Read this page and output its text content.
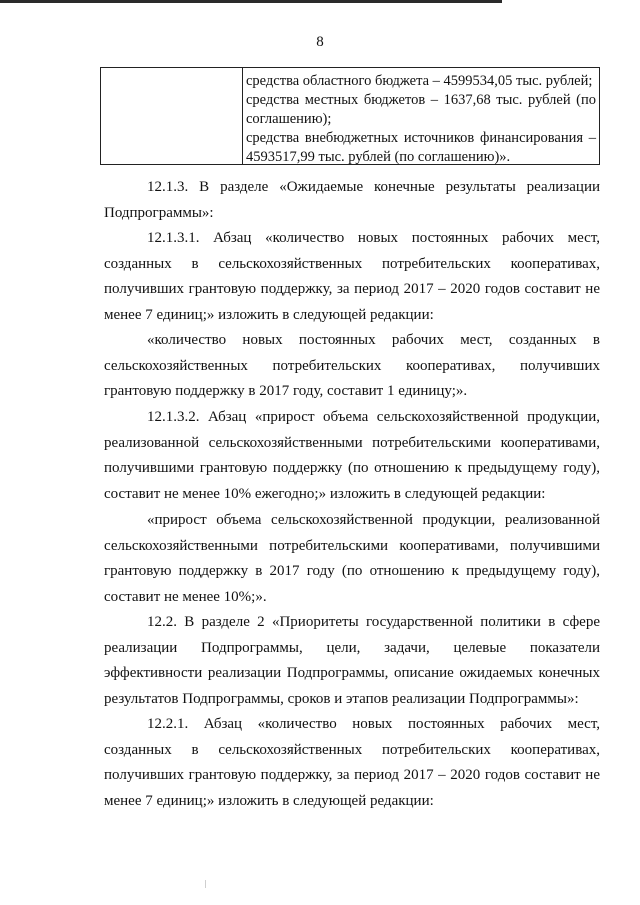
8

средства областного бюджета – 4599534,05 тыс. рублей;

средства местных бюджетов – 1637,68 тыс. рублей (по соглашению);

средства внебюджетных источников финансирования – 4593517,99 тыс. рублей (по соглашению)».

12.1.3. В разделе «Ожидаемые конечные результаты реализации Подпрограммы»:

12.1.3.1. Абзац «количество новых постоянных рабочих мест, созданных в сельскохозяйственных потребительских кооперативах, получивших грантовую поддержку, за период 2017 – 2020 годов составит не менее 7 единиц;» изложить в следующей редакции:

«количество новых постоянных рабочих мест, созданных в сельскохозяйственных потребительских кооперативах, получивших грантовую поддержку в 2017 году, составит 1 единицу;».

12.1.3.2. Абзац «прирост объема сельскохозяйственной продукции, реализованной сельскохозяйственными потребительскими кооперативами, получившими грантовую поддержку (по отношению к предыдущему году), составит не менее 10% ежегодно;» изложить в следующей редакции:

«прирост объема сельскохозяйственной продукции, реализованной сельскохозяйственными потребительскими кооперативами, получившими грантовую поддержку в 2017 году (по отношению к предыдущему году), составит не менее 10%;».

12.2. В разделе 2 «Приоритеты государственной политики в сфере реализации Подпрограммы, цели, задачи, целевые показатели эффективности реализации Подпрограммы, описание ожидаемых конечных результатов Подпрограммы, сроков и этапов реализации Подпрограммы»:

12.2.1. Абзац «количество новых постоянных рабочих мест, созданных в сельскохозяйственных потребительских кооперативах, получивших грантовую поддержку, за период 2017 – 2020 годов составит не менее 7 единиц;» изложить в следующей редакции:
